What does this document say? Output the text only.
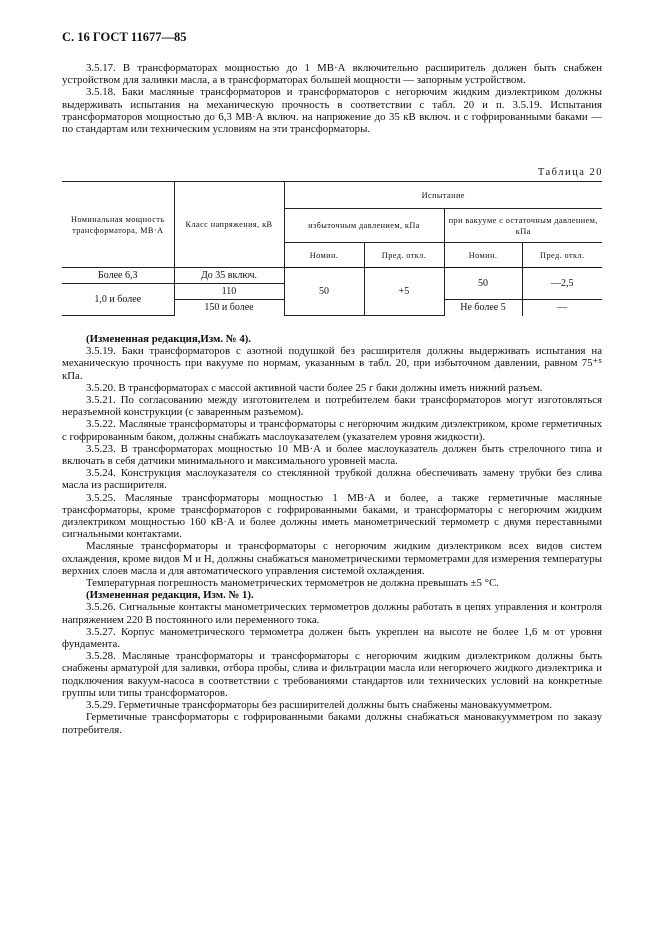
С. 16 ГОСТ 11677—85

3.5.17. В трансформаторах мощностью до 1 МВ·А включительно расширитель должен быть снабжен устройством для заливки масла, а в трансформаторах большей мощности — запорным устройством.

3.5.18. Баки масляные трансформаторов и трансформаторов с негорючим жидким диэлектриком должны выдерживать испытания на механическую прочность в соответствии с табл. 20 и п. 3.5.19. Испытания трансформаторов мощностью до 6,3 МВ·А включ. на напряжение до 35 кВ включ. и с гофрированными баками — по стандартам или техническим условиям на эти трансформаторы.

Таблица 20
Номинальная мощность трансформатора, МВ·А	Класс напряжения, кВ	Испытание			
		избыточным давлением, кПа		при вакууме с остаточным давлением, кПа	
		Номин.	Пред. откл.	Номин.	Пред. откл.
Более 6,3	До 35 включ.	50	+5	50	—2,5
1,0 и более	110				
	150 и более			Не более 5	—

(Измененная редакция,Изм. № 4).

3.5.19. Баки трансформаторов с азотной подушкой без расширителя должны выдерживать испытания на механическую прочность при вакууме по нормам, указанным в табл. 20, при избыточном давлении, равном 75⁺⁵ кПа.

3.5.20. В трансформаторах с массой активной части более 25 г баки должны иметь нижний разъем.

3.5.21. По согласованию между изготовителем и потребителем баки трансформаторов могут изготовляться неразъемной конструкции (с заваренным разъемом).

3.5.22. Масляные трансформаторы и трансформаторы с негорючим жидким диэлектриком, кроме герметичных с гофрированным баком, должны снабжать маслоуказателем (указателем уровня жидкости).

3.5.23. В трансформаторах мощностью 10 МВ·А и более маслоуказатель должен быть стрелочного типа и включать в себя датчики минимального и максимального уровней масла.

3.5.24. Конструкция маслоуказателя со стеклянной трубкой должна обеспечивать замену трубки без слива масла из расширителя.

3.5.25. Масляные трансформаторы мощностью 1 МВ·А и более, а также герметичные масляные трансформаторы, кроме трансформаторов с гофрированными баками, и трансформаторы с негорючим жидким диэлектриком мощностью 160 кВ·А и более должны иметь манометрический термометр с двумя переставными сигнальными контактами.

Масляные трансформаторы и трансформаторы с негорючим жидким диэлектриком всех видов систем охлаждения, кроме видов М и Н, должны снабжаться манометрическими термометрами для измерения температуры верхних слоев масла и для автоматического управления системой охлаждения.

Температурная погрешность манометрических термометров не должна превышать ±5 °С.

(Измененная редакция, Изм. № 1).

3.5.26. Сигнальные контакты манометрических термометров должны работать в цепях управления и контроля напряжением 220 В постоянного или переменного тока.

3.5.27. Корпус манометрического термометра должен быть укреплен на высоте не более 1,6 м от уровня фундамента.

3.5.28. Масляные трансформаторы и трансформаторы с негорючим жидким диэлектриком должны быть снабжены арматурой для заливки, отбора пробы, слива и фильтрации масла или негорючего жидкого диэлектрика и подключения вакуум-насоса в соответствии с требованиями стандартов или технических условий на конкретные группы или типы трансформаторов.

3.5.29. Герметичные трансформаторы без расширителей должны быть снабжены мановакуумметром.

Герметичные трансформаторы с гофрированными баками должны снабжаться мановакуумметром по заказу потребителя.
